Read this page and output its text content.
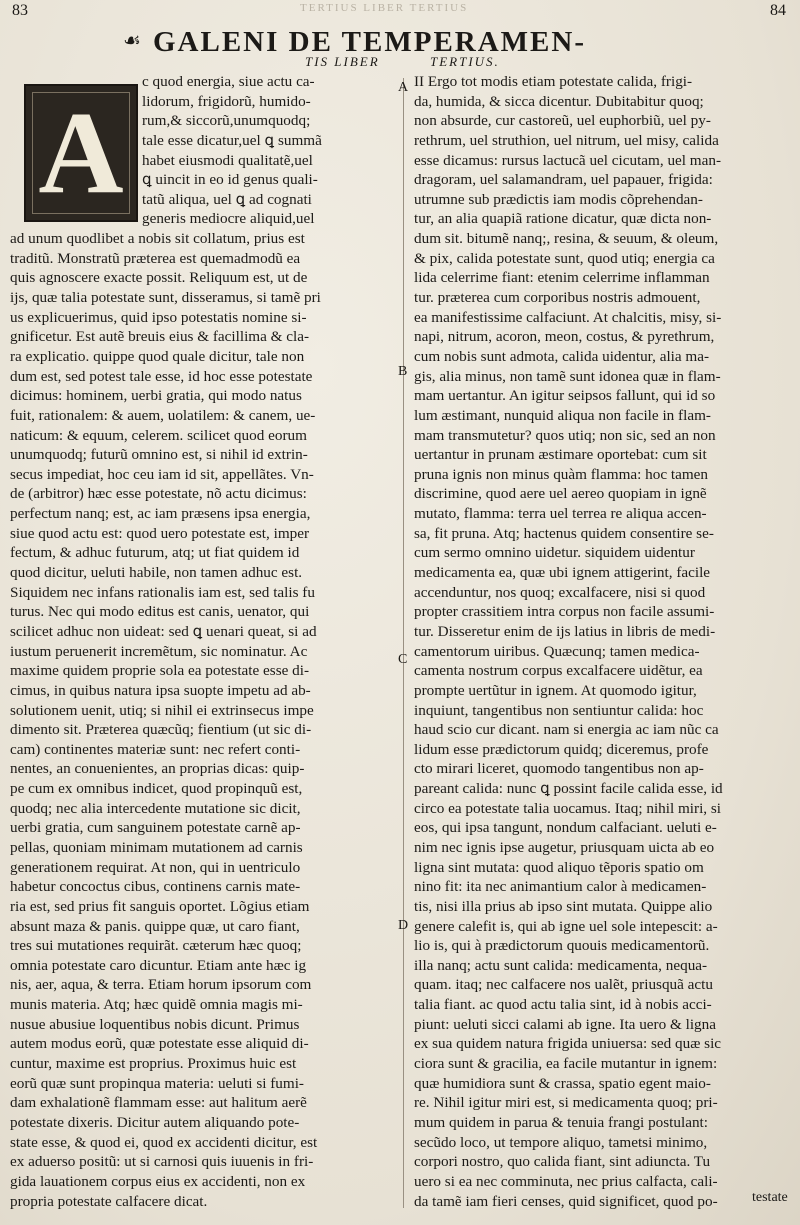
83	84
TERTIUS LIBER TERTIUS
☙ GALENI DE TEMPERAMEN-
TIS LIBER	TERTIUS.
A
B
C
D
A
c quod energia, siue actu ca-
lidorum, frigidorũ, humido-
rum,& siccorũ,unumquodq;
tale esse dicatur,uel ꝗ summã
habet eiusmodi qualitatẽ,uel
ꝗ uincit in eo id genus quali-
tatũ aliqua, uel ꝗ ad cognati
generis mediocre aliquid,uel
ad unum quodlibet a nobis sit collatum, prius est
traditũ. Monstratũ præterea est quemadmodũ ea
quis agnoscere exacte possit. Reliquum est, ut de
ijs, quæ talia potestate sunt, disseramus, si tamẽ pri
us explicuerimus, quid ipso potestatis nomine si-
gnificetur. Est autẽ breuis eius & facillima & cla-
ra explicatio. quippe quod quale dicitur, tale non
dum est, sed potest tale esse, id hoc esse potestate
dicimus: hominem, uerbi gratia, qui modo natus
fuit, rationalem: & auem, uolatilem: & canem, ue-
naticum: & equum, celerem. scilicet quod eorum
unumquodq; futurũ omnino est, si nihil id extrin-
secus impediat, hoc ceu iam id sit, appellãtes. Vn-
de (arbitror) hæc esse potestate, nõ actu dicimus:
perfectum nanq; est, ac iam præsens ipsa energia,
siue quod actu est: quod uero potestate est, imper
fectum, & adhuc futurum, atq; ut fiat quidem id
quod dicitur, ueluti habile, non tamen adhuc est.
Siquidem nec infans rationalis iam est, sed talis fu
turus. Nec qui modo editus est canis, uenator, qui
scilicet adhuc non uideat: sed ꝗ uenari queat, si ad
iustum peruenerit incremẽtum, sic nominatur. Ac
maxime quidem proprie sola ea potestate esse di-
cimus, in quibus natura ipsa suopte impetu ad ab-
solutionem uenit, utiq; si nihil ei extrinsecus impe
dimento sit. Præterea quæcũq; fientium (ut sic di-
cam) continentes materiæ sunt: nec refert conti-
nentes, an conuenientes, an proprias dicas: quip-
pe cum ex omnibus indicet, quod propinquũ est,
quodq; nec alia intercedente mutatione sic dicit,
uerbi gratia, cum sanguinem potestate carnẽ ap-
pellas, quoniam minimam mutationem ad carnis
generationem requirat. At non, qui in uentriculo
habetur concoctus cibus, continens carnis mate-
ria est, sed prius fit sanguis oportet. Lõgius etiam
absunt maza & panis. quippe quæ, ut caro fiant,
tres sui mutationes requirãt. cæterum hæc quoq;
omnia potestate caro dicuntur. Etiam ante hæc ig
nis, aer, aqua, & terra. Etiam horum ipsorum com
munis materia. Atq; hæc quidẽ omnia magis mi-
nusue abusiue loquentibus nobis dicunt. Primus
autem modus eorũ, quæ potestate esse aliquid di-
cuntur, maxime est proprius. Proximus huic est
eorũ quæ sunt propinqua materia: ueluti si fumi-
dam exhalationẽ flammam esse: aut halitum aerẽ
potestate dixeris. Dicitur autem aliquando pote-
state esse, & quod ei, quod ex accidenti dicitur, est
ex aduerso positũ: ut si carnosi quis iuuenis in fri-
gida lauationem corpus eius ex accidenti, non ex
propria potestate calfacere dicat.
II Ergo tot modis etiam potestate calida, frigi-
da, humida, & sicca dicentur. Dubitabitur quoq;
non absurde, cur castoreũ, uel euphorbiũ, uel py-
rethrum, uel struthion, uel nitrum, uel misy, calida
esse dicamus: rursus lactucã uel cicutam, uel man-
dragoram, uel salamandram, uel papauer, frigida:
utrumne sub prædictis iam modis cõprehendan-
tur, an alia quapiã ratione dicatur, quæ dicta non-
dum sit. bitumẽ nanq;, resina, & seuum, & oleum,
& pix, calida potestate sunt, quod utiq; energia ca
lida celerrime fiant: etenim celerrime inflamman
tur. præterea cum corporibus nostris admouent,
ea manifestissime calfaciunt. At chalcitis, misy, si-
napi, nitrum, acoron, meon, costus, & pyrethrum,
cum nobis sunt admota, calida uidentur, alia ma-
gis, alia minus, non tamẽ sunt idonea quæ in flam-
mam uertantur. An igitur seipsos fallunt, qui id so
lum æstimant, nunquid aliqua non facile in flam-
mam transmutetur? quos utiq; non sic, sed an non
uertantur in prunam æstimare oportebat: cum sit
pruna ignis non minus quàm flamma: hoc tamen
discrimine, quod aere uel aereo quopiam in ignẽ
mutato, flamma: terra uel terrea re aliqua accen-
sa, fit pruna. Atq; hactenus quidem consentire se-
cum sermo omnino uidetur. siquidem uidentur
medicamenta ea, quæ ubi ignem attigerint, facile
accenduntur, nos quoq; excalfacere, nisi si quod
propter crassitiem intra corpus non facile assumi-
tur. Disseretur enim de ijs latius in libris de medi-
camentorum uiribus. Quæcunq; tamen medica-
camenta nostrum corpus excalfacere uidẽtur, ea
prompte uertũtur in ignem. At quomodo igitur,
inquiunt, tangentibus non sentiuntur calida: hoc
haud scio cur dicant. nam si energia ac iam nũc ca
lidum esse prædictorum quidq; diceremus, profe
cto mirari liceret, quomodo tangentibus non ap-
pareant calida: nunc ꝗ possint facile calida esse, id
circo ea potestate talia uocamus. Itaq; nihil miri, si
eos, qui ipsa tangunt, nondum calfaciant. ueluti e-
nim nec ignis ipse augetur, priusquam uicta ab eo
ligna sint mutata: quod aliquo tẽporis spatio om
nino fit: ita nec animantium calor à medicamen-
tis, nisi illa prius ab ipso sint mutata. Quippe alio
genere calefit is, qui ab igne uel sole intepescit: a-
lio is, qui à prædictorum quouis medicamentorũ.
illa nanq; actu sunt calida: medicamenta, nequa-
quam. itaq; nec calfacere nos ualẽt, priusquã actu
talia fiant. ac quod actu talia sint, id à nobis acci-
piunt: ueluti sicci calami ab igne. Ita uero & ligna
ex sua quidem natura frigida uniuersa: sed quæ sic
ciora sunt & gracilia, ea facile mutantur in ignem:
quæ humidiora sunt & crassa, spatio egent maio-
re. Nihil igitur miri est, si medicamenta quoq; pri-
mum quidem in parua & tenuia frangi postulant:
secũdo loco, ut tempore aliquo, tametsi minimo,
corpori nostro, quo calida fiant, sint adiuncta. Tu
uero si ea nec comminuta, nec prius calfacta, cali-
da tamẽ iam fieri censes, quid significet, quod po-	testate
